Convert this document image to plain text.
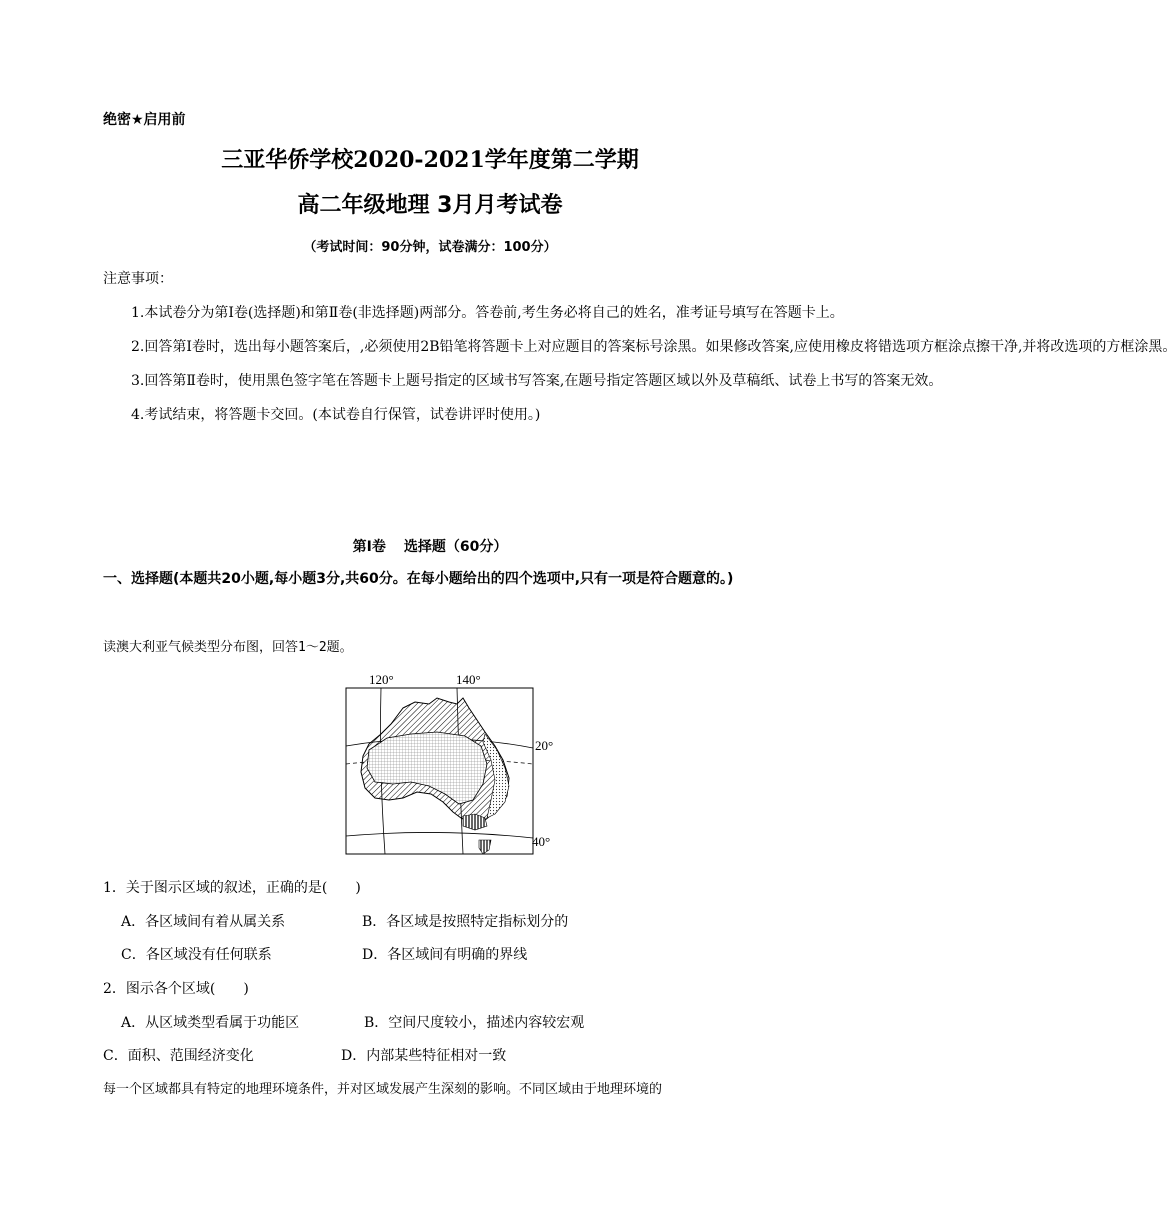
绝密★启用前
三亚华侨学校2020-2021学年度第二学期
高二年级地理 3月月考试卷
（考试时间：90分钟，试卷满分：100分）
注意事项：

1.本试卷分为第Ⅰ卷(选择题)和第Ⅱ卷(非选择题)两部分。答卷前,考生务必将自己的姓名，准考证号填写在答题卡上。

2.回答第I卷时，选出每小题答案后，,必须使用2B铅笔将答题卡上对应题目的答案标号涂黑。如果修改答案,应使用橡皮将错选项方框涂点擦干净,并将改选项的方框涂黑。

3.回答第Ⅱ卷时，使用黑色签字笔在答题卡上题号指定的区域书写答案,在题号指定答题区域以外及草稿纸、试卷上书写的答案无效。

4.考试结束，将答题卡交回。(本试卷自行保管，试卷讲评时使用。)

第Ⅰ卷 选择题（60分）
一、选择题(本题共20小题,每小题3分,共60分。在每小题给出的四个选项中,只有一项是符合题意的。)
读澳大利亚气候类型分布图，回答1～2题。
120°	140°
20°
40°
1．关于图示区域的叙述，正确的是(　　)
A．各区域间有着从属关系	B．各区域是按照特定指标划分的
C．各区域没有任何联系	D．各区域间有明确的界线
2．图示各个区域(　　)
A．从区域类型看属于功能区	B．空间尺度较小，描述内容较宏观
C．面积、范围经济变化	D．内部某些特征相对一致
每一个区域都具有特定的地理环境条件，并对区域发展产生深刻的影响。不同区域由于地理环境的
